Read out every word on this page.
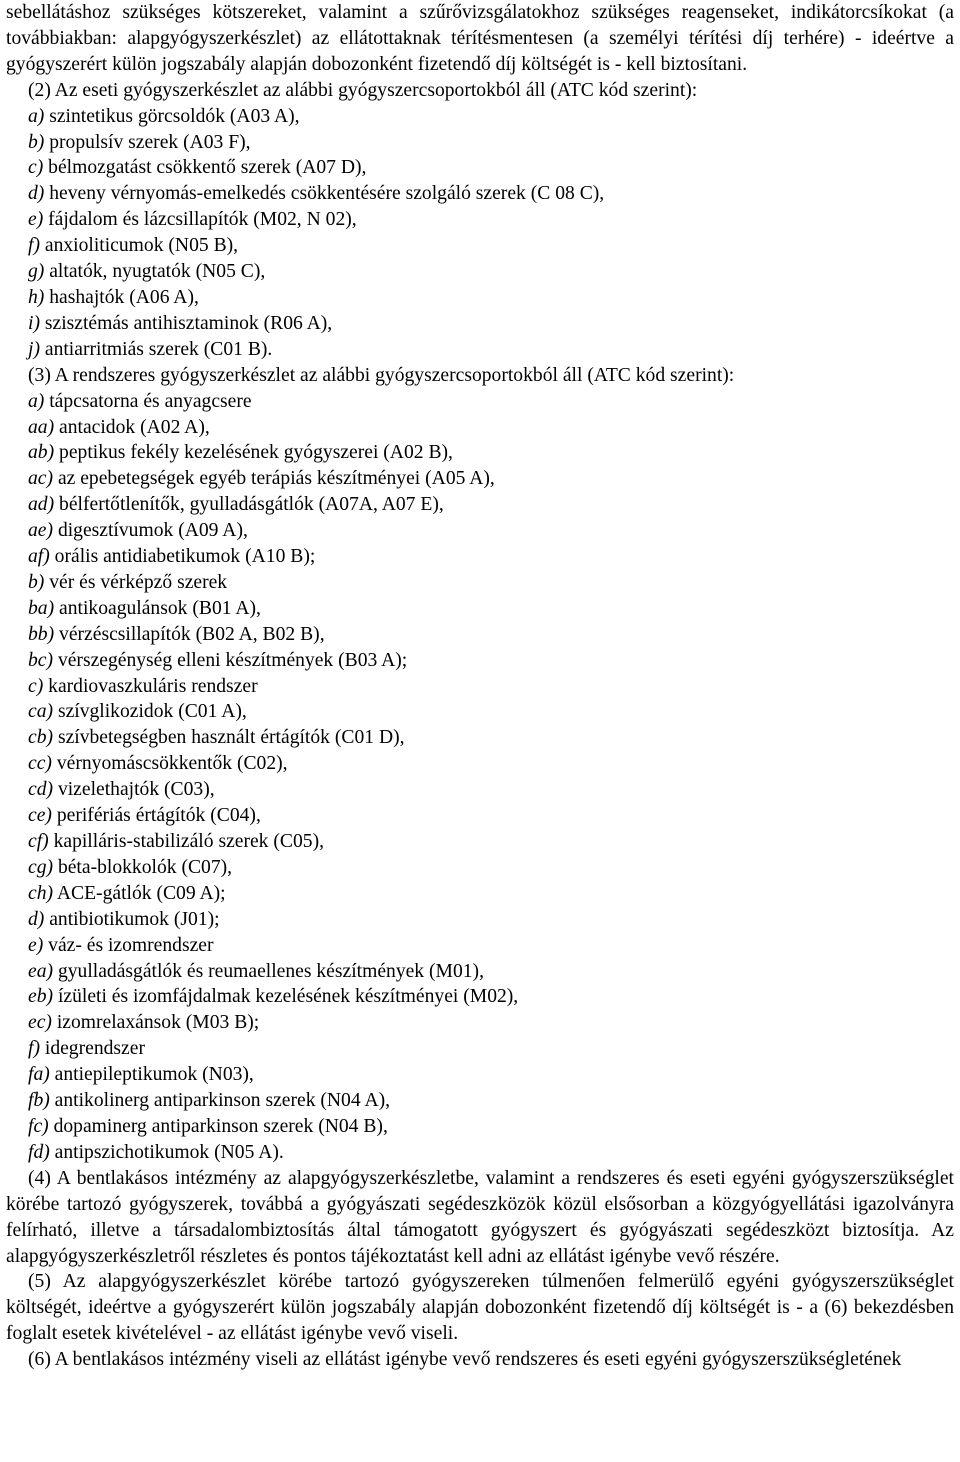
sebellátáshoz szükséges kötszereket, valamint a szűrővizsgálatokhoz szükséges reagenseket, indikátorcsíkokat (a továbbiakban: alapgyógyszerkészlet) az ellátottaknak térítésmentesen (a személyi térítési díj terhére) - ideértve a gyógyszerért külön jogszabály alapján dobozonként fizetendő díj költségét is - kell biztosítani.

(2) Az eseti gyógyszerkészlet az alábbi gyógyszercsoportokból áll (ATC kód szerint):

a) szintetikus görcsoldók (A03 A),
b) propulsív szerek (A03 F),
c) bélmozgatást csökkentő szerek (A07 D),
d) heveny vérnyomás-emelkedés csökkentésére szolgáló szerek (C 08 C),
e) fájdalom és lázcsillapítók (M02, N 02),
f) anxioliticumok (N05 B),
g) altatók, nyugtatók (N05 C),
h) hashajtók (A06 A),
i) szisztémás antihisztaminok (R06 A),
j) antiarritmiás szerek (C01 B).

(3) A rendszeres gyógyszerkészlet az alábbi gyógyszercsoportokból áll (ATC kód szerint):

a) tápcsatorna és anyagcsere
aa) antacidok (A02 A),
ab) peptikus fekély kezelésének gyógyszerei (A02 B),
ac) az epebetegségek egyéb terápiás készítményei (A05 A),
ad) bélfertőtlenítők, gyulladásgátlók (A07A, A07 E),
ae) digesztívumok (A09 A),
af) orális antidiabetikumok (A10 B);
b) vér és vérképző szerek
ba) antikoagulánsok (B01 A),
bb) vérzéscsillapítók (B02 A, B02 B),
bc) vérszegénység elleni készítmények (B03 A);
c) kardiovaszkuláris rendszer
ca) szívglikozidok (C01 A),
cb) szívbetegségben használt értágítók (C01 D),
cc) vérnyomáscsökkentők (C02),
cd) vizelethajtók (C03),
ce) perifériás értágítók (C04),
cf) kapilláris-stabilizáló szerek (C05),
cg) béta-blokkolók (C07),
ch) ACE-gátlók (C09 A);
d) antibiotikumok (J01);
e) váz- és izomrendszer
ea) gyulladásgátlók és reumaellenes készítmények (M01),
eb) ízületi és izomfájdalmak kezelésének készítményei (M02),
ec) izomrelaxánsok (M03 B);
f) idegrendszer
fa) antiepileptikumok (N03),
fb) antikolinerg antiparkinson szerek (N04 A),
fc) dopaminerg antiparkinson szerek (N04 B),
fd) antipszichotikumok (N05 A).

(4) A bentlakásos intézmény az alapgyógyszerkészletbe, valamint a rendszeres és eseti egyéni gyógyszerszükséglet körébe tartozó gyógyszerek, továbbá a gyógyászati segédeszközök közül elsősorban a közgyógyellátási igazolványra felírható, illetve a társadalombiztosítás által támogatott gyógyszert és gyógyászati segédeszközt biztosítja. Az alapgyógyszerkészletről részletes és pontos tájékoztatást kell adni az ellátást igénybe vevő részére.

(5) Az alapgyógyszerkészlet körébe tartozó gyógyszereken túlmenően felmerülő egyéni gyógyszerszükséglet költségét, ideértve a gyógyszerért külön jogszabály alapján dobozonként fizetendő díj költségét is - a (6) bekezdésben foglalt esetek kivételével - az ellátást igénybe vevő viseli.

(6) A bentlakásos intézmény viseli az ellátást igénybe vevő rendszeres és eseti egyéni gyógyszerszükségletének
